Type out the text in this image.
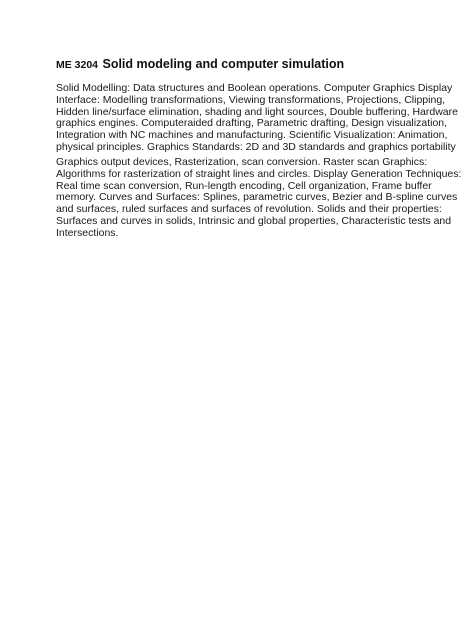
ME 3204 Solid modeling and computer simulation
Solid Modelling: Data structures and Boolean operations. Computer Graphics Display
Interface: Modelling transformations, Viewing transformations, Projections, Clipping,
Hidden line/surface elimination, shading and light sources, Double buffering, Hardware
graphics engines. Computeraided drafting, Parametric drafting, Design visualization,
Integration with NC machines and manufacturing. Scientific Visualization: Animation,
physical principles. Graphics Standards: 2D and 3D standards and graphics portability
Graphics output devices, Rasterization, scan conversion. Raster scan Graphics:
Algorithms for rasterization of straight lines and circles. Display Generation Techniques:
Real time scan conversion, Run-length encoding, Cell organization, Frame buffer
memory. Curves and Surfaces: Splines, parametric curves, Bezier and B-spline curves
and surfaces, ruled surfaces and surfaces of revolution. Solids and their properties:
Surfaces and curves in solids, Intrinsic and global properties, Characteristic tests and
Intersections.
